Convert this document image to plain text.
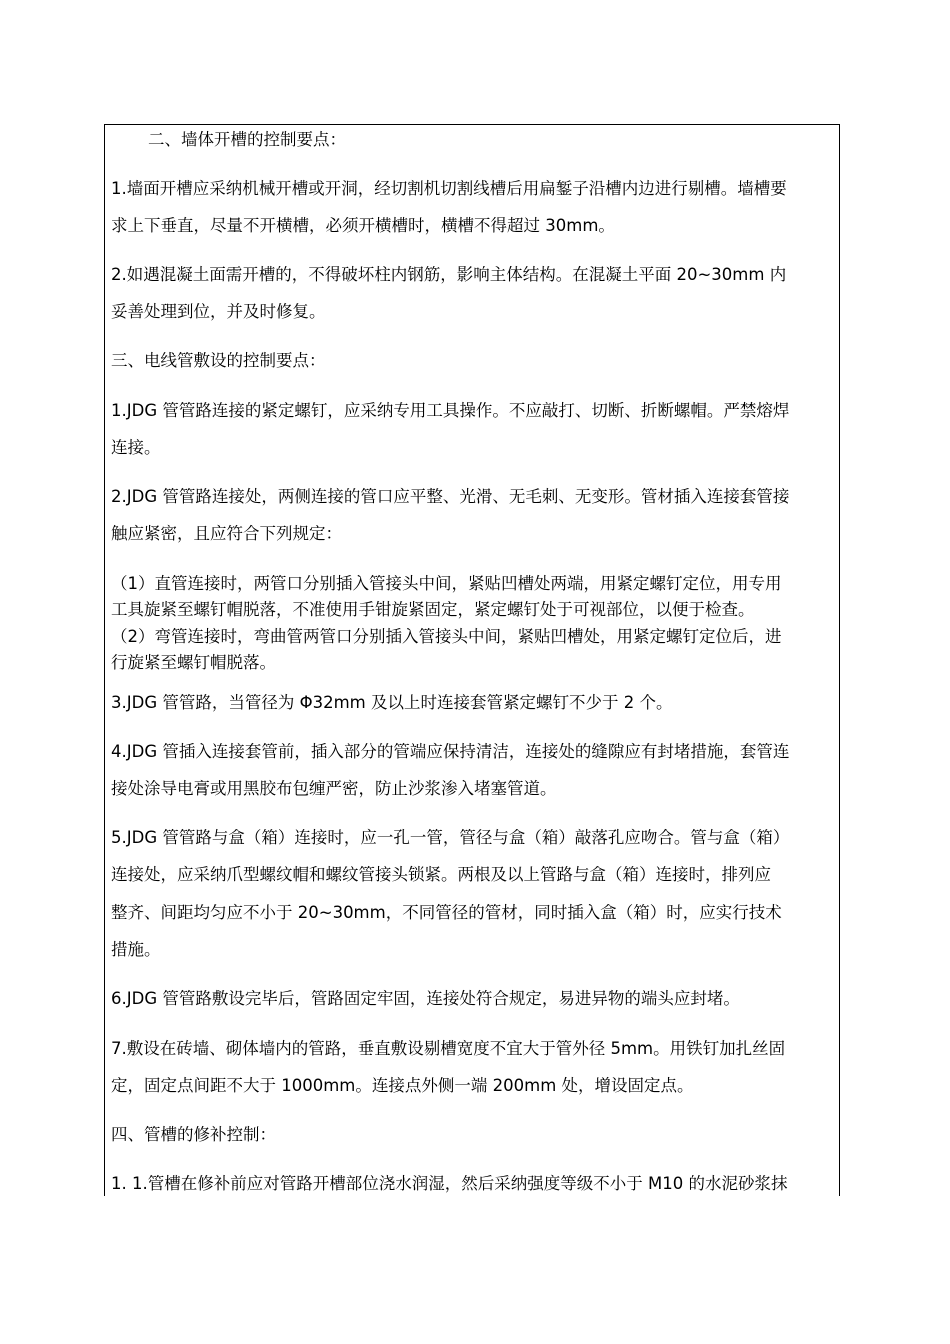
二、墙体开槽的控制要点：
1.墙面开槽应采纳机械开槽或开洞，经切割机切割线槽后用扁錾子沿槽内边进行剔槽。墙槽要
求上下垂直，尽量不开横槽，必须开横槽时，横槽不得超过 30mm。
2.如遇混凝土面需开槽的，不得破坏柱内钢筋，影响主体结构。在混凝土平面 20~30mm 内
妥善处理到位，并及时修复。
三、电线管敷设的控制要点：
1.JDG 管管路连接的紧定螺钉，应采纳专用工具操作。不应敲打、切断、折断螺帽。严禁熔焊
连接。
2.JDG 管管路连接处，两侧连接的管口应平整、光滑、无毛刺、无变形。管材插入连接套管接
触应紧密，且应符合下列规定：
（1）直管连接时，两管口分别插入管接头中间，紧贴凹槽处两端，用紧定螺钉定位，用专用
工具旋紧至螺钉帽脱落，不准使用手钳旋紧固定，紧定螺钉处于可视部位，以便于检查。
（2）弯管连接时，弯曲管两管口分别插入管接头中间，紧贴凹槽处，用紧定螺钉定位后，进
行旋紧至螺钉帽脱落。
3.JDG 管管路，当管径为 Φ32mm 及以上时连接套管紧定螺钉不少于 2 个。
4.JDG 管插入连接套管前，插入部分的管端应保持清洁，连接处的缝隙应有封堵措施，套管连
接处涂导电膏或用黑胶布包缠严密，防止沙浆渗入堵塞管道。
5.JDG 管管路与盒（箱）连接时，应一孔一管，管径与盒（箱）敲落孔应吻合。管与盒（箱）
连接处，应采纳爪型螺纹帽和螺纹管接头锁紧。两根及以上管路与盒（箱）连接时，排列应
整齐、间距均匀应不小于 20~30mm，不同管径的管材，同时插入盒（箱）时，应实行技术
措施。
6.JDG 管管路敷设完毕后，管路固定牢固，连接处符合规定，易进异物的端头应封堵。
7.敷设在砖墙、砌体墙内的管路，垂直敷设剔槽宽度不宜大于管外径 5mm。用铁钉加扎丝固
定，固定点间距不大于 1000mm。连接点外侧一端 200mm 处，增设固定点。
四、管槽的修补控制：
1. 1.管槽在修补前应对管路开槽部位浇水润湿，然后采纳强度等级不小于 M10 的水泥砂浆抹
